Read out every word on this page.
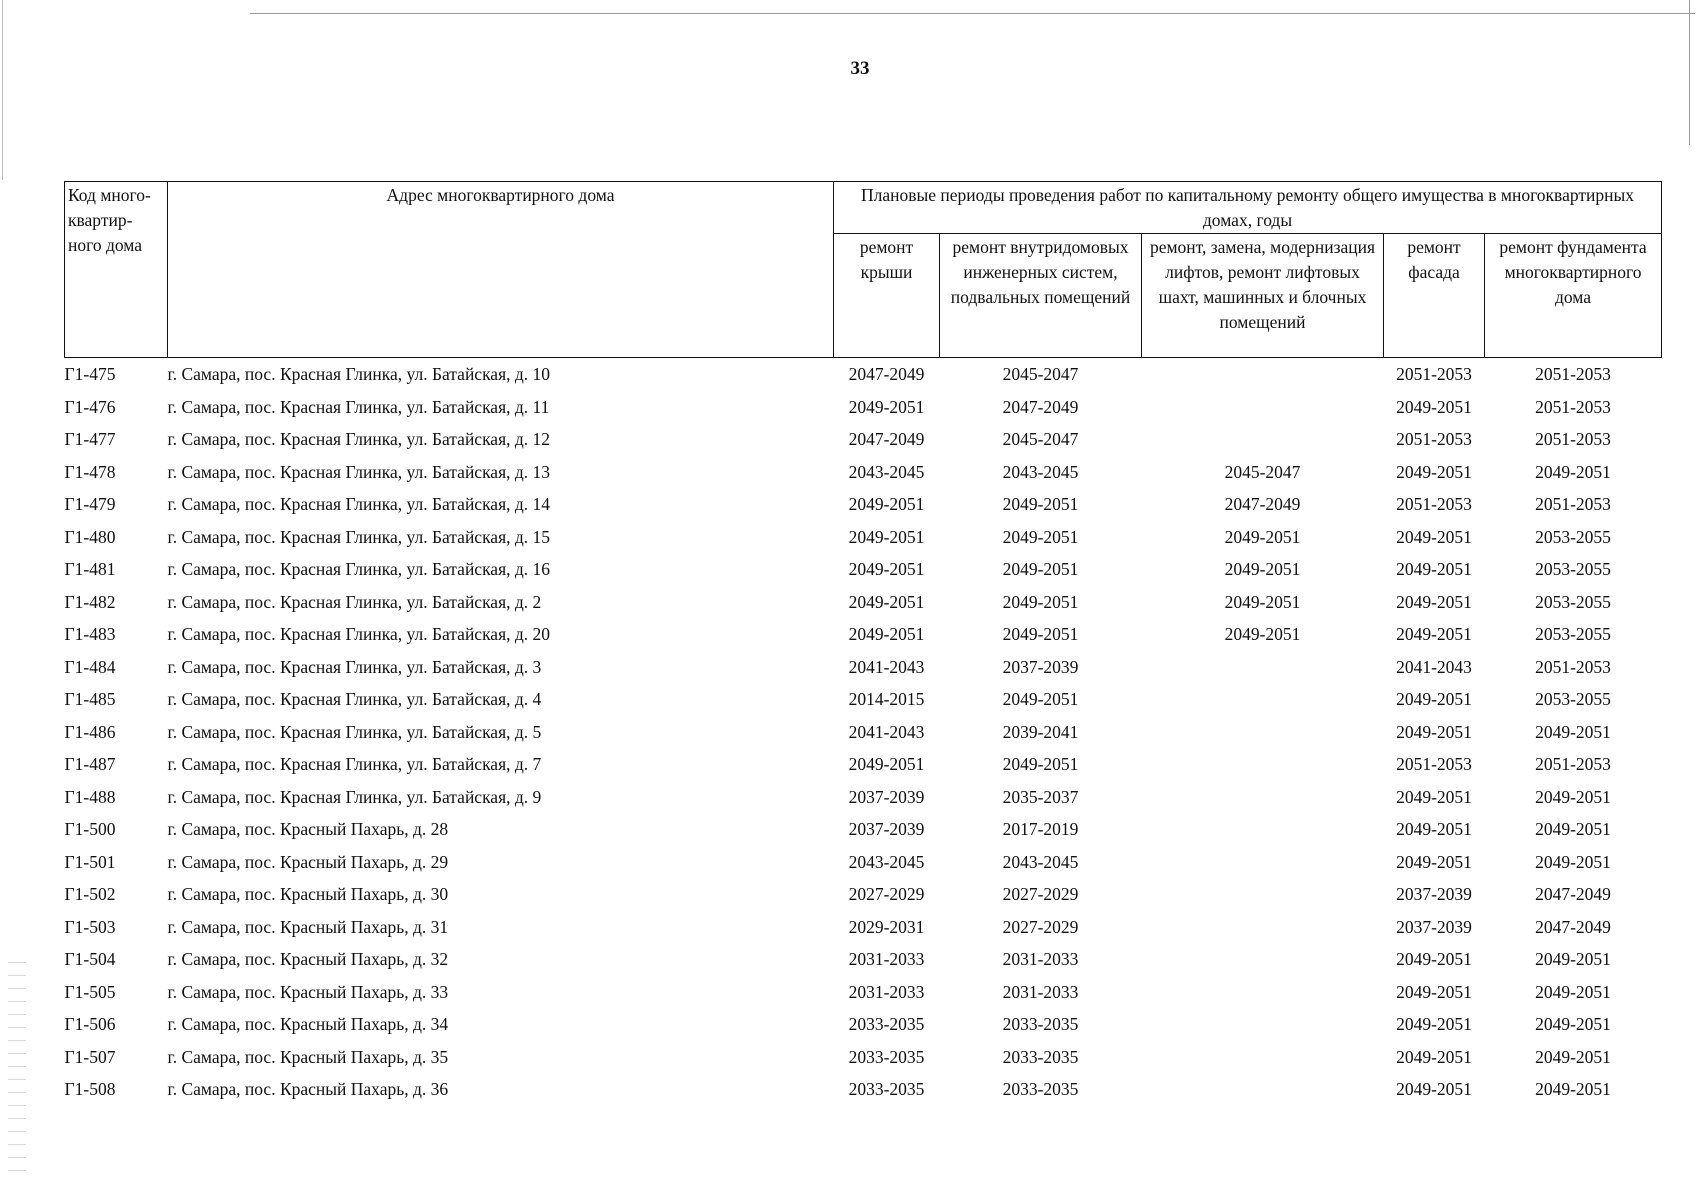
33
Код много-квартир-ного дома	Адрес многоквартирного дома	Плановые периоды проведения работ по капитальному ремонту общего имущества в многоквартирных домах, годы				
		ремонт крыши	ремонт внутридомовых инженерных систем, подвальных помещений	ремонт, замена, модернизация лифтов, ремонт лифтовых шахт, машинных и блочных помещений	ремонт фасада	ремонт фундамента многоквартирного дома
Г1-475	г. Самара, пос. Красная Глинка, ул. Батайская, д. 10	2047-2049	2045-2047		2051-2053	2051-2053
Г1-476	г. Самара, пос. Красная Глинка, ул. Батайская, д. 11	2049-2051	2047-2049		2049-2051	2051-2053
Г1-477	г. Самара, пос. Красная Глинка, ул. Батайская, д. 12	2047-2049	2045-2047		2051-2053	2051-2053
Г1-478	г. Самара, пос. Красная Глинка, ул. Батайская, д. 13	2043-2045	2043-2045	2045-2047	2049-2051	2049-2051
Г1-479	г. Самара, пос. Красная Глинка, ул. Батайская, д. 14	2049-2051	2049-2051	2047-2049	2051-2053	2051-2053
Г1-480	г. Самара, пос. Красная Глинка, ул. Батайская, д. 15	2049-2051	2049-2051	2049-2051	2049-2051	2053-2055
Г1-481	г. Самара, пос. Красная Глинка, ул. Батайская, д. 16	2049-2051	2049-2051	2049-2051	2049-2051	2053-2055
Г1-482	г. Самара, пос. Красная Глинка, ул. Батайская, д. 2	2049-2051	2049-2051	2049-2051	2049-2051	2053-2055
Г1-483	г. Самара, пос. Красная Глинка, ул. Батайская, д. 20	2049-2051	2049-2051	2049-2051	2049-2051	2053-2055
Г1-484	г. Самара, пос. Красная Глинка, ул. Батайская, д. 3	2041-2043	2037-2039		2041-2043	2051-2053
Г1-485	г. Самара, пос. Красная Глинка, ул. Батайская, д. 4	2014-2015	2049-2051		2049-2051	2053-2055
Г1-486	г. Самара, пос. Красная Глинка, ул. Батайская, д. 5	2041-2043	2039-2041		2049-2051	2049-2051
Г1-487	г. Самара, пос. Красная Глинка, ул. Батайская, д. 7	2049-2051	2049-2051		2051-2053	2051-2053
Г1-488	г. Самара, пос. Красная Глинка, ул. Батайская, д. 9	2037-2039	2035-2037		2049-2051	2049-2051
Г1-500	г. Самара, пос. Красный Пахарь, д. 28	2037-2039	2017-2019		2049-2051	2049-2051
Г1-501	г. Самара, пос. Красный Пахарь, д. 29	2043-2045	2043-2045		2049-2051	2049-2051
Г1-502	г. Самара, пос. Красный Пахарь, д. 30	2027-2029	2027-2029		2037-2039	2047-2049
Г1-503	г. Самара, пос. Красный Пахарь, д. 31	2029-2031	2027-2029		2037-2039	2047-2049
Г1-504	г. Самара, пос. Красный Пахарь, д. 32	2031-2033	2031-2033		2049-2051	2049-2051
Г1-505	г. Самара, пос. Красный Пахарь, д. 33	2031-2033	2031-2033		2049-2051	2049-2051
Г1-506	г. Самара, пос. Красный Пахарь, д. 34	2033-2035	2033-2035		2049-2051	2049-2051
Г1-507	г. Самара, пос. Красный Пахарь, д. 35	2033-2035	2033-2035		2049-2051	2049-2051
Г1-508	г. Самара, пос. Красный Пахарь, д. 36	2033-2035	2033-2035		2049-2051	2049-2051
